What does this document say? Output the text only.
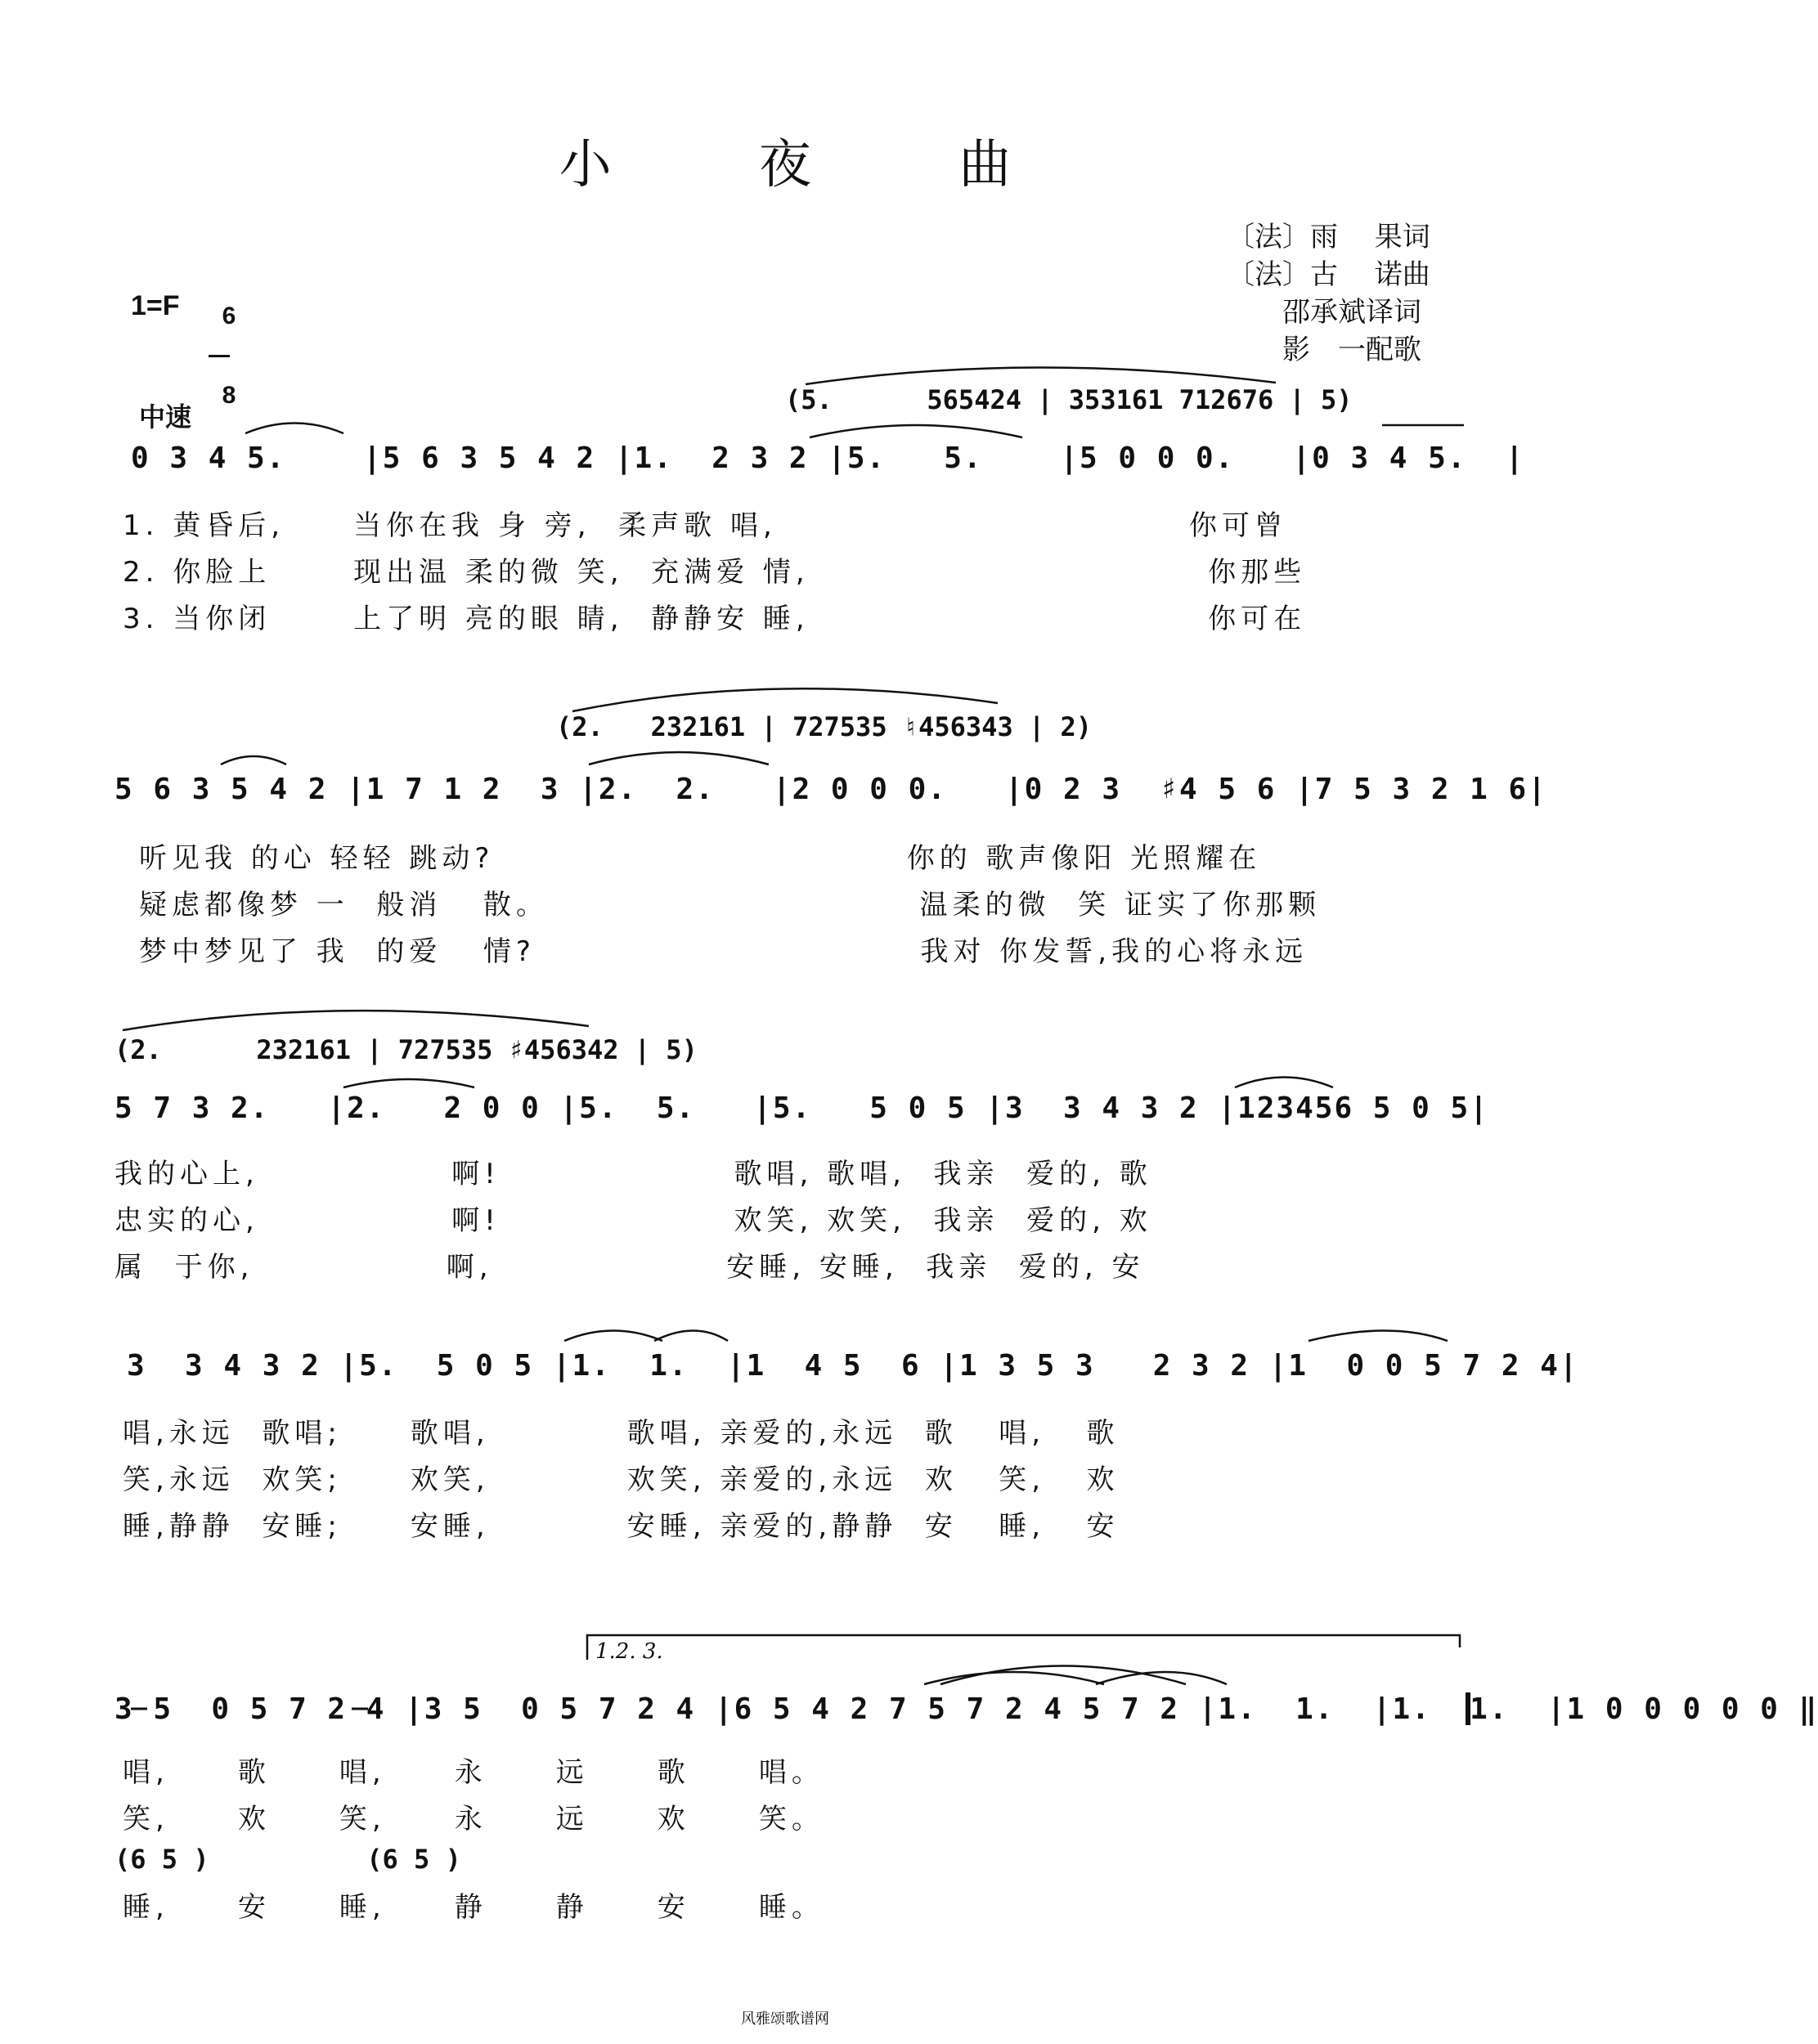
小 夜 曲
〔法〕雨　 果词
〔法〕古　 诺曲
　　邵承斌译词
　　影　一配歌
1=F	6

8

中速
(5.      565424 | 353161 712676 | 5)
0 3 4 5.    |5 6 3 5 4 2 |1.  2 3 2 |5.   5.    |5 0 0 0.   |0 3 4 5.  |
1. 黄昏后,     当你在我 身 旁,  柔声歌 唱,                              你可曾
2. 你脸上      现出温 柔的微 笑,  充满爱 情,                             你那些
3. 当你闭      上了明 亮的眼 睛,  静静安 睡,                             你可在
(2.   232161 | 727535 ♮456343 | 2)
5 6 3 5 4 2 |1 7 1 2  3 |2.  2.   |2 0 0 0.   |0 2 3  ♯4 5 6 |7 5 3 2 1 6|
听见我 的心 轻轻 跳动?                              你的 歌声像阳 光照耀在
疑虑都像梦 一  般消   散。                           温柔的微  笑 证实了你那颗
梦中梦见了 我  的爱   情?                            我对 你发誓,我的心将永远
(2.      232161 | 727535 ♯456342 | 5)
5 7 3 2.   |2.   2 0 0 |5.  5.   |5.   5 0 5 |3  3 4 3 2 |123456 5 0 5|
我的心上,              啊!                 歌唱, 歌唱,  我亲  爱的, 歌
忠实的心,              啊!                 欢笑, 欢笑,  我亲  爱的, 欢
属  于你,              啊,                 安睡, 安睡,  我亲  爱的, 安
3  3 4 3 2 |5.  5 0 5 |1.  1.  |1  4 5  6 |1 3 5 3   2 3 2 |1  0 0 5 7 2 4|
唱,永远  歌唱;     歌唱,          歌唱, 亲爱的,永远  歌   唱,   歌
笑,永远  欢笑;     欢笑,          欢笑, 亲爱的,永远  欢   笑,   欢
睡,静静  安睡;     安睡,          安睡, 亲爱的,静静  安   睡,   安
1.2. 3.
3 5  0 5 7 2 4 |3 5  0 5 7 2 4 |6 5 4 2 7 5 7 2 4 5 7 2 |1.  1.  |1.  1.  |1 0 0 0 0 0 ‖
唱,     歌     唱,     永     远     歌     唱。
笑,     欢     笑,     永     远     欢     笑。
(6 5 )          (6 5 )
睡,     安     睡,     静     静     安     睡。
风雅颂歌谱网
